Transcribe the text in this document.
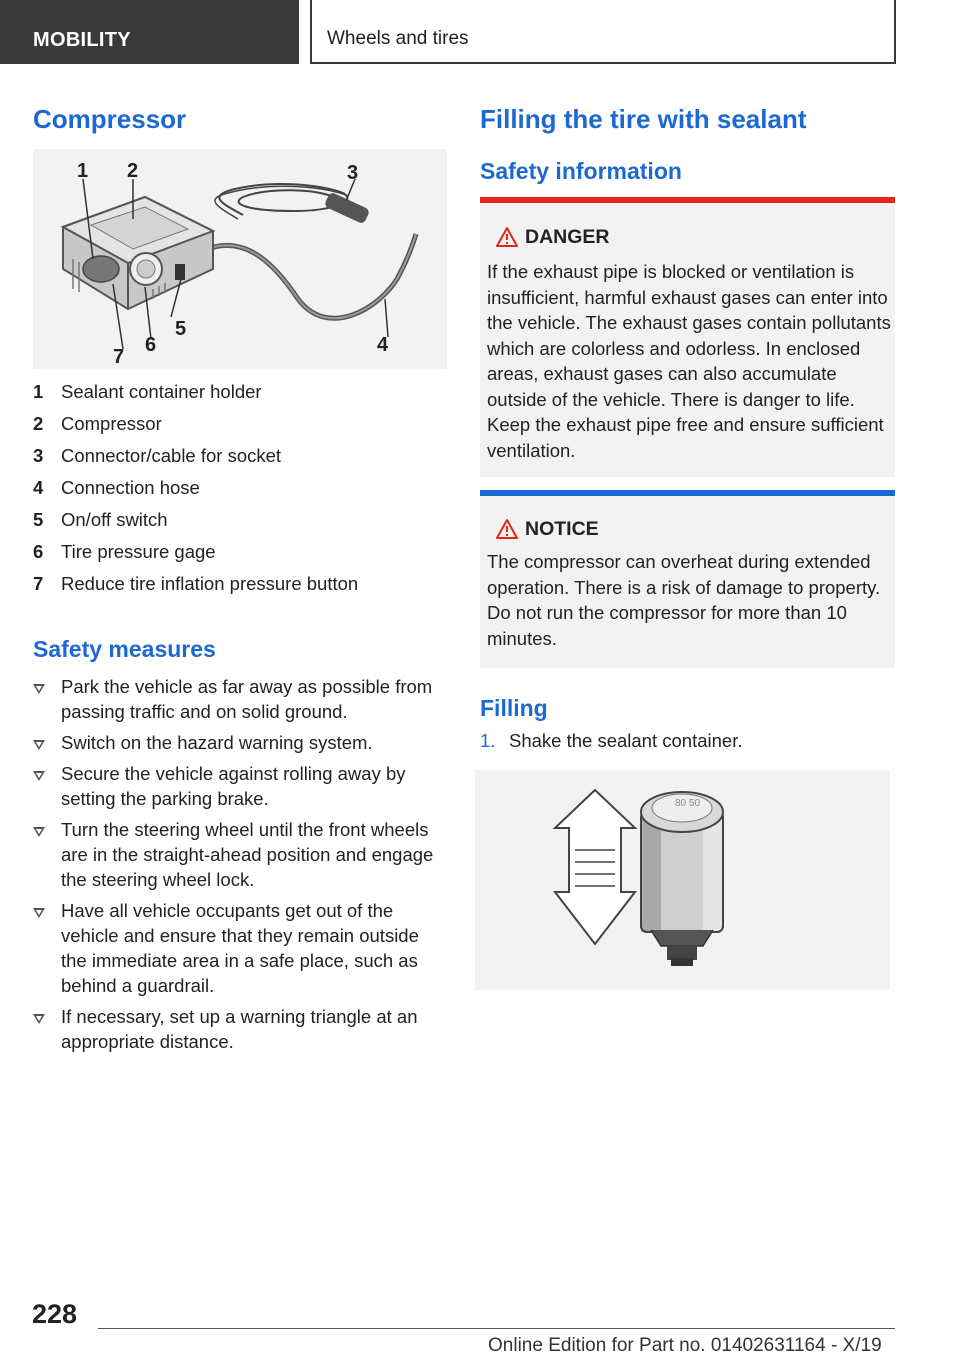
MOBILITY	Wheels and tires
Compressor
1 2	3
4
5
6
7
1 Sealant container holder
2 Compressor
3 Connector/cable for socket
4 Connection hose
5 On/off switch
6 Tire pressure gage
7 Reduce tire inflation pressure button
Safety measures
Park the vehicle as far away as possible from passing traffic and on solid ground.
Switch on the hazard warning system.
Secure the vehicle against rolling away by setting the parking brake.
Turn the steering wheel until the front wheels are in the straight-ahead position and engage the steering wheel lock.
Have all vehicle occupants get out of the vehicle and ensure that they remain outside the immediate area in a safe place, such as behind a guardrail.
If necessary, set up a warning triangle at an appropriate distance.
Filling the tire with sealant
Safety information
DANGER
If the exhaust pipe is blocked or ventilation is insufficient, harmful exhaust gases can enter into the vehicle. The exhaust gases contain pollutants which are colorless and odorless. In enclosed areas, exhaust gases can also accumulate outside of the vehicle. There is danger to life. Keep the exhaust pipe free and ensure sufficient ventilation.
NOTICE
The compressor can overheat during extended operation. There is a risk of damage to property. Do not run the compressor for more than 10 minutes.
Filling
1. Shake the sealant container.
80 50
228
Online Edition for Part no. 01402631164 - X/19
